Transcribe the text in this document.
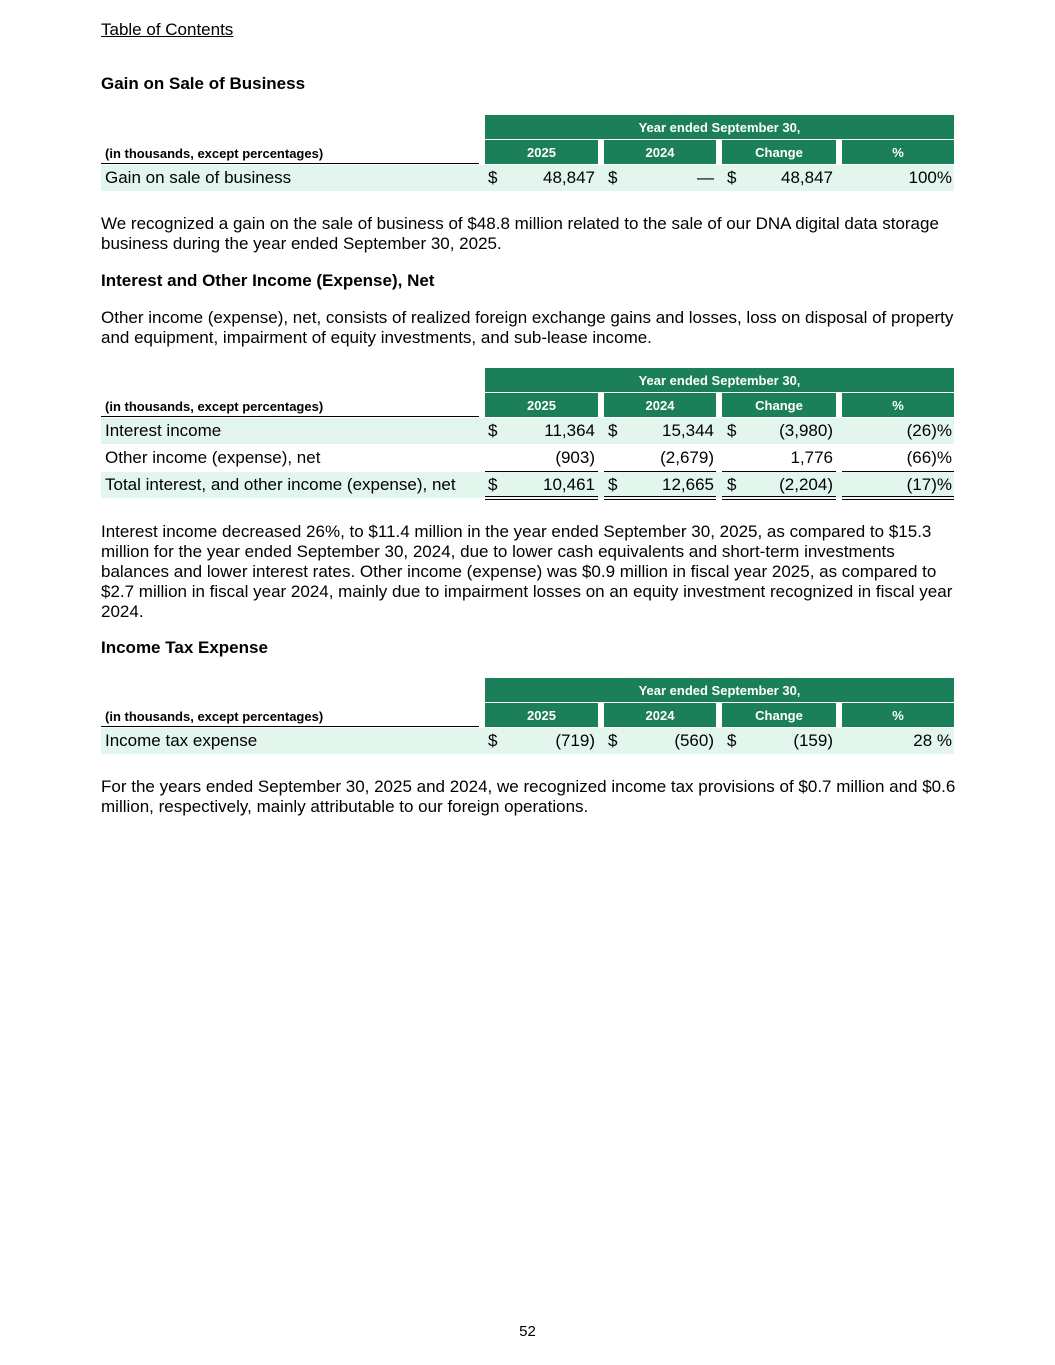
Table of Contents
Gain on Sale of Business
Year ended September 30,
(in thousands, except percentages)	2025	2024	Change	%
Gain on sale of business	$	48,847 $	— $	48,847	100%
We recognized a gain on the sale of business of $48.8 million related to the sale of our DNA digital data storage business during the year ended September 30, 2025.
Interest and Other Income (Expense), Net
Other income (expense), net, consists of realized foreign exchange gains and losses, loss on disposal of property and equipment, impairment of equity investments, and sub-lease income.
Year ended September 30,
(in thousands, except percentages)	2025	2024	Change	%
Interest income	$	11,364 $	15,344 $	(3,980)	(26)%
Other income (expense), net	(903)	(2,679)	1,776	(66)%
Total interest, and other income (expense), net $	10,461 $	12,665 $	(2,204)	(17)%
Interest income decreased 26%, to $11.4 million in the year ended September 30, 2025, as compared to $15.3 million for the year ended September 30, 2024, due to lower cash equivalents and short-term investments balances and lower interest rates. Other income (expense) was $0.9 million in fiscal year 2025, as compared to $2.7 million in fiscal year 2024, mainly due to impairment losses on an equity investment recognized in fiscal year 2024.
Income Tax Expense
Year ended September 30,
(in thousands, except percentages)	2025	2024	Change	%
Income tax expense	$	(719) $	(560) $	(159)	28 %
For the years ended September 30, 2025 and 2024, we recognized income tax provisions of $0.7 million and $0.6 million, respectively, mainly attributable to our foreign operations.
52
